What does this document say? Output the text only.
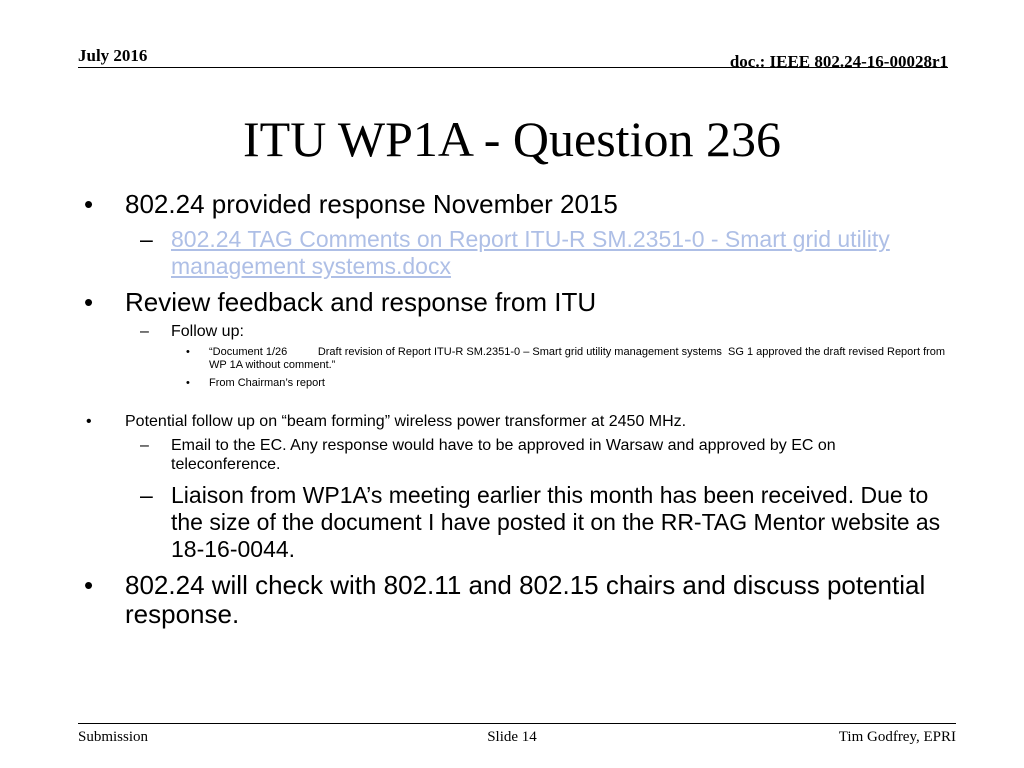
July 2016	doc.: IEEE 802.24-16-00028r1
ITU WP1A - Question 236
• 802.24 provided response November 2015
– 802.24 TAG Comments on Report ITU-R SM.2351-0 - Smart grid utility management systems.docx
• Review feedback and response from ITU
– Follow up:
• “Document 1/26          Draft revision of Report ITU-R SM.2351-0 – Smart grid utility management systems  SG 1 approved the draft revised Report from WP 1A without comment.”
• From Chairman’s report
• Potential follow up on “beam forming” wireless power transformer at 2450 MHz.
– Email to the EC. Any response would have to be approved in Warsaw and approved by EC on teleconference.
– Liaison from WP1A’s meeting earlier this month has been received. Due to the size of the document I have posted it on the RR-TAG Mentor website as 18-16-0044.
• 802.24 will check with 802.11 and 802.15 chairs and discuss potential response.
Submission	Slide 14	Tim Godfrey, EPRI
